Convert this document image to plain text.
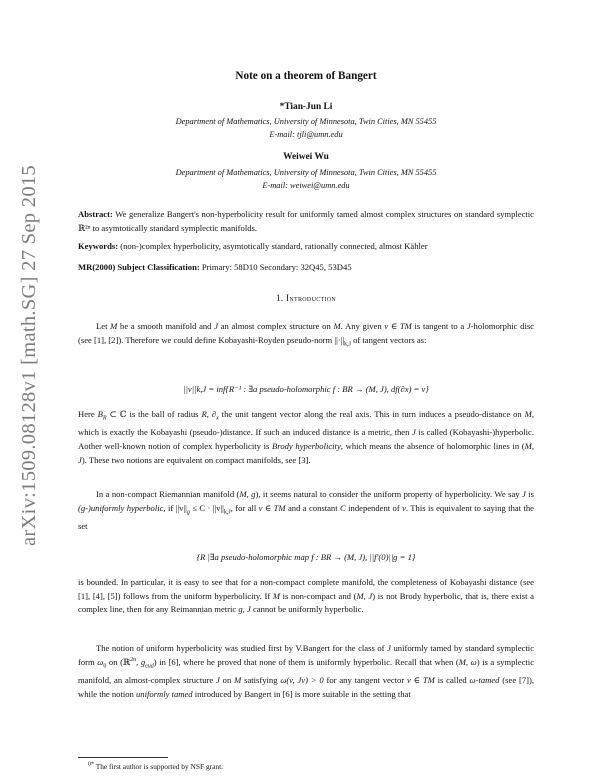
arXiv:1509.08128v1 [math.SG] 27 Sep 2015
Note on a theorem of Bangert
*Tian-Jun Li
Department of Mathematics, University of Minnesota, Twin Cities, MN 55455
E-mail: tjli@umn.edu
Weiwei Wu
Department of Mathematics, University of Minnesota, Twin Cities, MN 55455
E-mail: weiwei@umn.edu
Abstract: We generalize Bangert's non-hyperbolicity result for uniformly tamed almost complex structures on standard symplectic ℝ²ⁿ to asymtotically standard symplectic manifolds.
Keywords: (non-)complex hyperbolicity, asymtotically standard, rationally connected, almost Kähler
MR(2000) Subject Classification: Primary: 58D10 Secondary: 32Q45, 53D45
1. Introduction
Let M be a smooth manifold and J an almost complex structure on M. Any given v ∈ TM is tangent to a J-holomorphic disc (see [1], [2]). Therefore we could define Kobayashi-Royden pseudo-norm $||\cdot||_{k,J}$ of tangent vectors as:
||v||k,J = inf{R⁻¹ : ∃a pseudo-holomorphic f : BR → (M, J), df(∂x) = v}
Here $B_R$ ⊂ ℂ is the ball of radius R, $\partial_x$ the unit tangent vector along the real axis. This in turn induces a pseudo-distance on M, which is exactly the Kobayashi (pseudo-)distance. If such an induced distance is a metric, then J is called (Kobayashi-)hyperbolic. Aother well-known notion of complex hyperbolicity is Brody hyperbolicity, which means the absence of holomorphic lines in (M, J). These two notions are equivalent on compact manifolds, see [3].
In a non-compact Riemannian manifold (M, g), it seems natural to consider the uniform property of hyperbolicity. We say J is (g-)uniformly hyperbolic, if $||v||_g \le C \cdot ||v||_{k,J}$, for all v ∈ TM and a constant C independent of v. This is equivalent to saying that the set
{R |∃a pseudo-holomorphic map f : BR → (M, J), ||f′(0)||g = 1}
is bounded. In particular, it is easy to see that for a non-compact complete manifold, the completeness of Kobayashi distance (see [1], [4], [5]) follows from the uniform hyperbolicity. If M is non-compact and (M, J) is not Brody hyperbolic, that is, there exist a complex line, then for any Reimannian metric g, J cannot be uniformly hyperbolic.
The notion of uniform hyperbolicity was studied first by V.Bangert for the class of J uniformly tamed by standard symplectic form $\omega_0$ on (ℝ$^{2n}$, $g_{eud}$) in [6], where he proved that none of them is uniformly hyperbolic. Recall that when (M, ω) is a symplectic manifold, an almost-complex structure J on M satisfying ω(v, Jv) > 0 for any tangent vector v ∈ TM is called ω-tamed (see [7]), while the notion uniformly tamed introduced by Bangert in [6] is more suitable in the setting that
$^{0*}$ The first author is supported by NSF grant.
